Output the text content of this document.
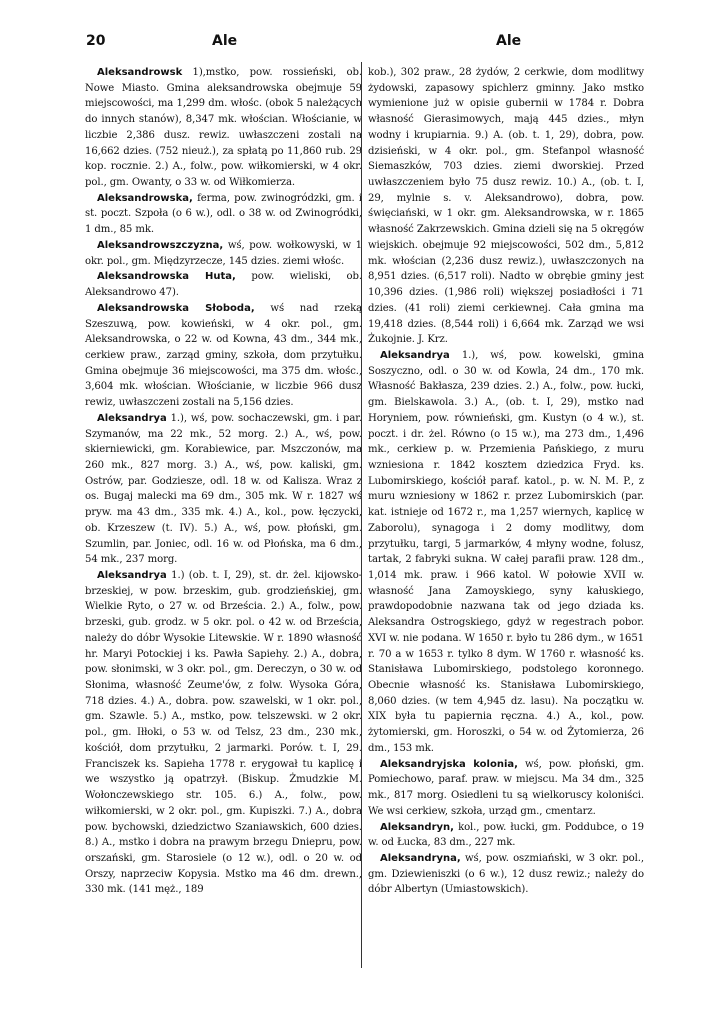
20	Ale	Ale

Aleksandrowsk 1),mstko, pow. rossieński, ob. Nowe Miasto. Gmina aleksandrowska obejmuje 59 miejscowości, ma 1,299 dm. włośc. (obok 5 należących do innych stanów), 8,347 mk. włościan. Włościanie, w liczbie 2,386 dusz. rewiz. uwłaszczeni zostali na 16,662 dzies. (752 nieuż.), za spłatą po 11,860 rub. 29 kop. rocznie. 2.) A., folw., pow. wiłkomierski, w 4 okr. pol., gm. Owanty, o 33 w. od Wiłkomierza.

Aleksandrowska, ferma, pow. zwinogródzki, gm. i st. poczt. Szpoła (o 6 w.), odl. o 38 w. od Zwinogródki, 1 dm., 85 mk.

Aleksandrowszczyzna, wś, pow. wołkowyski, w 1 okr. pol., gm. Międzyrzecze, 145 dzies. ziemi włośc.

Aleksandrowska Huta, pow. wieliski, ob. Aleksandrowo 47).

Aleksandrowska Słoboda, wś nad rzeką Szeszuwą, pow. kowieński, w 4 okr. pol., gm. Aleksandrowska, o 22 w. od Kowna, 43 dm., 344 mk., cerkiew praw., zarząd gminy, szkoła, dom przytułku. Gmina obejmuje 36 miejscowości, ma 375 dm. włośc., 3,604 mk. włościan. Włościanie, w liczbie 966 dusz rewiz, uwłaszczeni zostali na 5,156 dzies.

Aleksandrya 1.), wś, pow. sochaczewski, gm. i par. Szymanów, ma 22 mk., 52 morg. 2.) A., wś, pow. skierniewicki, gm. Korabiewice, par. Mszczonów, ma 260 mk., 827 morg. 3.) A., wś, pow. kaliski, gm. Ostrów, par. Godziesze, odl. 18 w. od Kalisza. Wraz z os. Bugaj malecki ma 69 dm., 305 mk. W r. 1827 wś pryw. ma 43 dm., 335 mk. 4.) A., kol., pow. łęczycki, ob. Krzeszew (t. IV). 5.) A., wś, pow. płoński, gm. Szumlin, par. Joniec, odl. 16 w. od Płońska, ma 6 dm., 54 mk., 237 morg.

Aleksandrya 1.) (ob. t. I, 29), st. dr. żel. kijowsko-brzeskiej, w pow. brzeskim, gub. grodzieńskiej, gm. Wielkie Ryto, o 27 w. od Brześcia. 2.) A., folw., pow. brzeski, gub. grodz. w 5 okr. pol. o 42 w. od Brześcia, należy do dóbr Wysokie Litewskie. W r. 1890 własność hr. Maryi Potockiej i ks. Pawła Sapiehy. 2.) A., dobra, pow. słonimski, w 3 okr. pol., gm. Dereczyn, o 30 w. od Słonima, własność Zeume'ów, z folw. Wysoka Góra, 718 dzies. 4.) A., dobra. pow. szawelski, w 1 okr. pol., gm. Szawle. 5.) A., mstko, pow. telszewski. w 2 okr. pol., gm. Iłłoki, o 53 w. od Telsz, 23 dm., 230 mk., kościół, dom przytułku, 2 jarmarki. Porów. t. I, 29. Franciszek ks. Sapieha 1778 r. erygował tu kaplicę i we wszystko ją opatrzył. (Biskup. Żmudzkie M. Wołonczewskiego str. 105. 6.) A., folw., pow. wiłkomierski, w 2 okr. pol., gm. Kupiszki. 7.) A., dobra pow. bychowski, dziedzictwo Szaniawskich, 600 dzies. 8.) A., mstko i dobra na prawym brzegu Dniepru, pow. orszański, gm. Starosiele (o 12 w.), odl. o 20 w. od Orszy, naprzeciw Kopysia. Mstko ma 46 dm. drewn., 330 mk. (141 męż., 189

kob.), 302 praw., 28 żydów, 2 cerkwie, dom modlitwy żydowski, zapasowy spichlerz gminny. Jako mstko wymienione już w opisie gubernii w 1784 r. Dobra własność Gierasimowych, mają 445 dzies., młyn wodny i krupiarnia. 9.) A. (ob. t. 1, 29), dobra, pow. dzisieński, w 4 okr. pol., gm. Stefanpol własność Siemaszków, 703 dzies. ziemi dworskiej. Przed uwłaszczeniem było 75 dusz rewiz. 10.) A., (ob. t. I, 29, mylnie s. v. Aleksandrowo), dobra, pow. święciański, w 1 okr. gm. Aleksandrowska, w r. 1865 własność Zakrzewskich. Gmina dzieli się na 5 okręgów wiejskich. obejmuje 92 miejscowości, 502 dm., 5,812 mk. włościan (2,236 dusz rewiz.), uwłaszczonych na 8,951 dzies. (6,517 roli). Nadto w obrębie gminy jest 10,396 dzies. (1,986 roli) większej posiadłości i 71 dzies. (41 roli) ziemi cerkiewnej. Cała gmina ma 19,418 dzies. (8,544 roli) i 6,664 mk. Zarząd we wsi Żukojnie. J. Krz.

Aleksandrya 1.), wś, pow. kowelski, gmina Soszyczno, odl. o 30 w. od Kowla, 24 dm., 170 mk. Własność Bakłasza, 239 dzies. 2.) A., folw., pow. łucki, gm. Bielskawola. 3.) A., (ob. t. I, 29), mstko nad Horyniem, pow. równieński, gm. Kustyn (o 4 w.), st. poczt. i dr. żel. Równo (o 15 w.), ma 273 dm., 1,496 mk., cerkiew p. w. Przemienia Pańskiego, z muru wzniesiona r. 1842 kosztem dziedzica Fryd. ks. Lubomirskiego, kościół paraf. katol., p. w. N. M. P., z muru wzniesiony w 1862 r. przez Lubomirskich (par. kat. istnieje od 1672 r., ma 1,257 wiernych, kaplicę w Zaborolu), synagoga i 2 domy modlitwy, dom przytułku, targi, 5 jarmarków, 4 młyny wodne, folusz, tartak, 2 fabryki sukna. W całej parafii praw. 128 dm., 1,014 mk. praw. i 966 katol. W połowie XVII w. własność Jana Zamoyskiego, syny kałuskiego, prawdopodobnie nazwana tak od jego dziada ks. Aleksandra Ostrogskiego, gdyż w regestrach pobor. XVI w. nie podana. W 1650 r. było tu 286 dym., w 1651 r. 70 a w 1653 r. tylko 8 dym. W 1760 r. własność ks. Stanisława Lubomirskiego, podstolego koronnego. Obecnie własność ks. Stanisława Lubomirskiego, 8,060 dzies. (w tem 4,945 dz. lasu). Na początku w. XIX była tu papiernia ręczna. 4.) A., kol., pow. żytomierski, gm. Horoszki, o 54 w. od Żytomierza, 26 dm., 153 mk.

Aleksandryjska kolonia, wś, pow. płoński, gm. Pomiechowo, paraf. praw. w miejscu. Ma 34 dm., 325 mk., 817 morg. Osiedleni tu są wielkoruscy koloniści. We wsi cerkiew, szkoła, urząd gm., cmentarz.

Aleksandryn, kol., pow. łucki, gm. Poddubce, o 19 w. od Łucka, 83 dm., 227 mk.

Aleksandryna, wś, pow. oszmiański, w 3 okr. pol., gm. Dziewieniszki (o 6 w.), 12 dusz rewiz.; należy do dóbr Albertyn (Umiastowskich).
